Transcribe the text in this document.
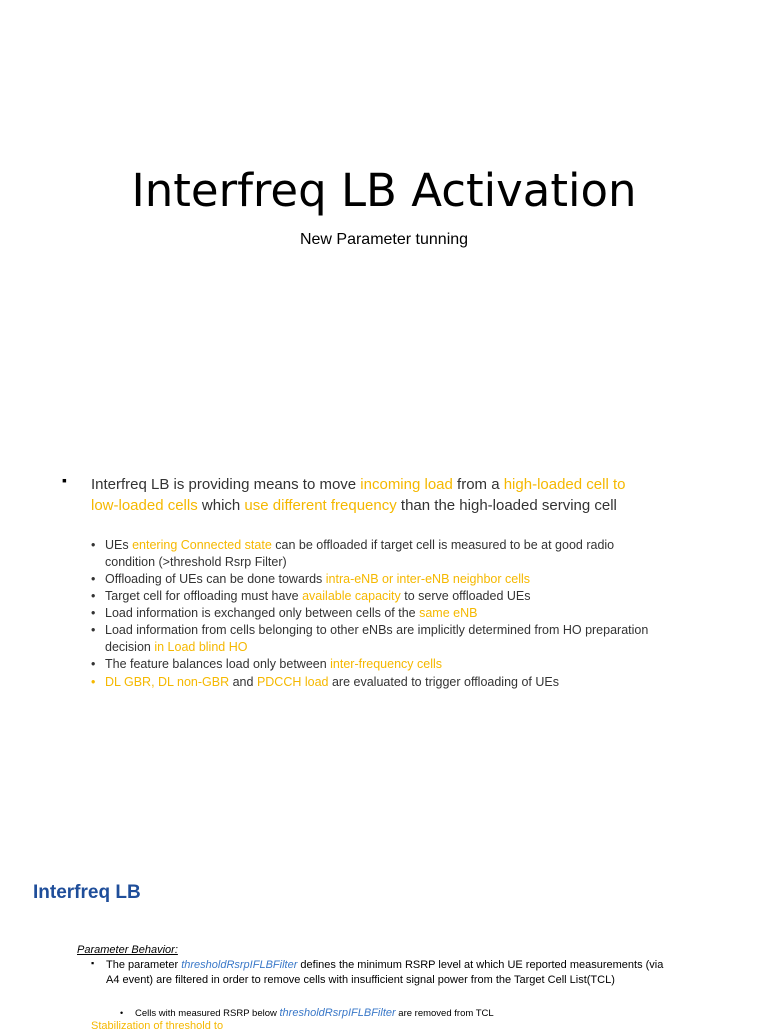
Interfreq LB Activation
New Parameter tunning
▪ Interfreq LB is providing means to move incoming load from a high-loaded cell to low-loaded cells which use different frequency than the high-loaded serving cell
• UEs entering Connected state can be offloaded if target cell is measured to be at good radio condition (>threshold Rsrp Filter)
• Offloading of UEs can be done towards intra-eNB or inter-eNB neighbor cells
• Target cell for offloading must have available capacity to serve offloaded UEs
• Load information is exchanged only between cells of the same eNB
• Load information from cells belonging to other eNBs are implicitly determined from HO preparation decision in Load blind HO
• The feature balances load only between inter-frequency cells
• DL GBR, DL non-GBR and PDCCH load are evaluated to trigger offloading of UEs
Interfreq LB
Parameter Behavior:
▪ The parameter thresholdRsrpIFLBFilter defines the minimum RSRP level at which UE reported measurements (via A4 event) are filtered in order to remove cells with insufficient signal power from the Target Cell List(TCL)
• Cells with measured RSRP below thresholdRsrpIFLBFilter are removed from TCL
Stabilization of threshold to
